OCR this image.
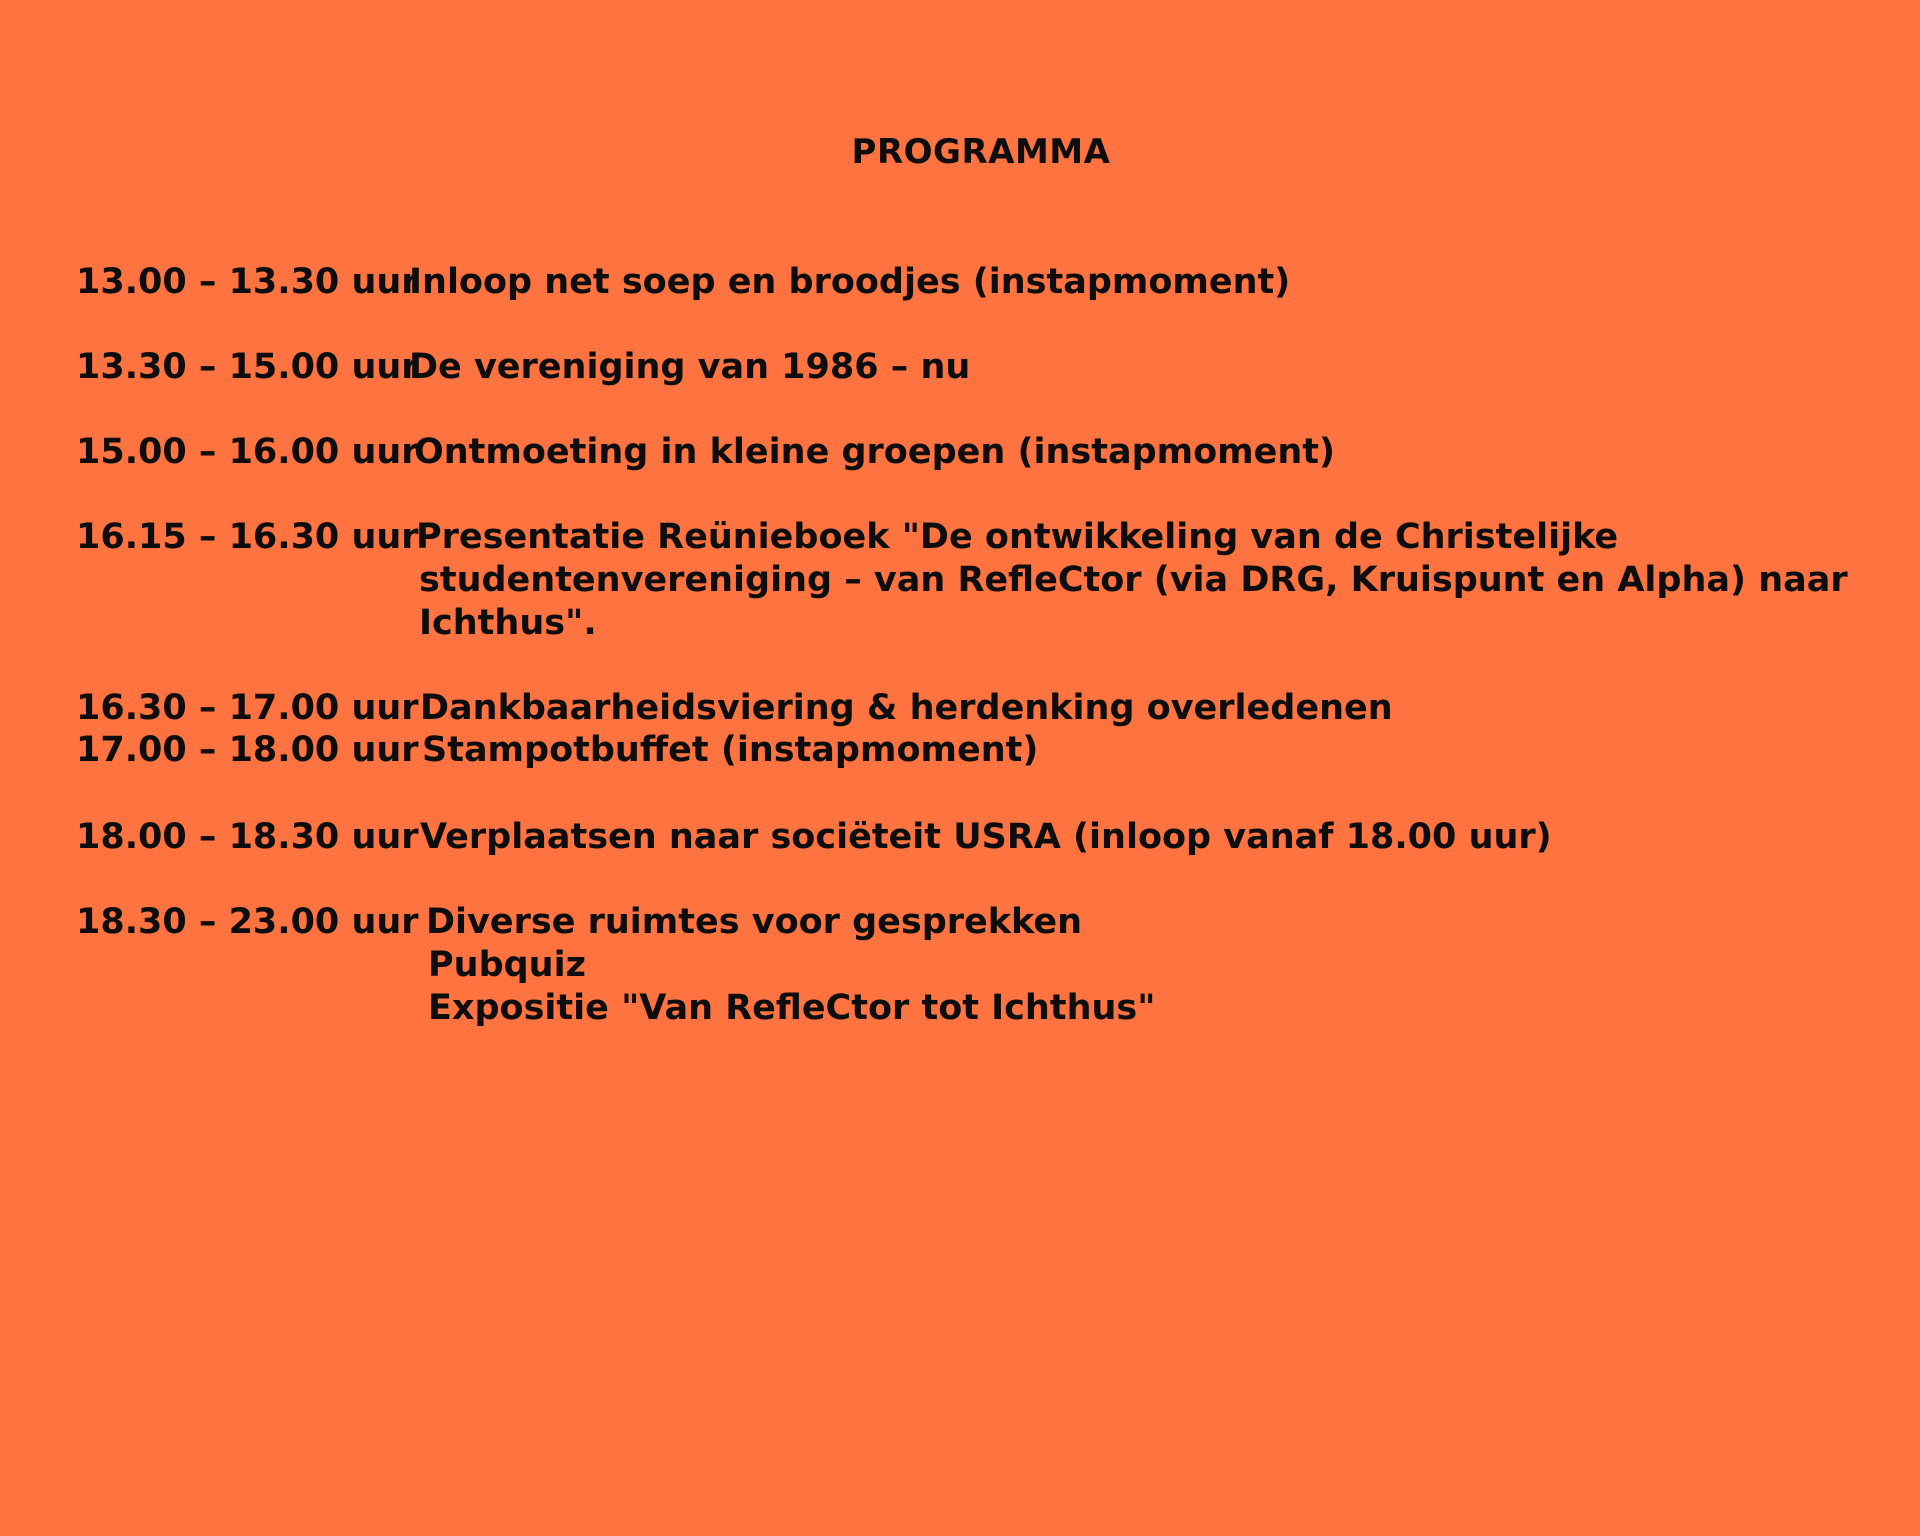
PROGRAMMA
13.00 – 13.30 uur
Inloop net soep en broodjes (instapmoment)
13.30 – 15.00 uur
De vereniging van 1986 – nu
15.00 – 16.00 uur
Ontmoeting in kleine groepen (instapmoment)
16.15 – 16.30 uur
Presentatie Reünieboek "De ontwikkeling van de Christelijke
studentenvereniging – van RefleCtor (via DRG, Kruispunt en Alpha) naar
Ichthus".
16.30 – 17.00 uur Dankbaarheidsviering & herdenking overledenen
17.00 – 18.00 uur Stampotbuffet (instapmoment)
18.00 – 18.30 uur Verplaatsen naar sociëteit USRA (inloop vanaf 18.00 uur)
18.30 – 23.00 uur Diverse ruimtes voor gesprekken
Pubquiz
Expositie "Van RefleCtor tot Ichthus"
